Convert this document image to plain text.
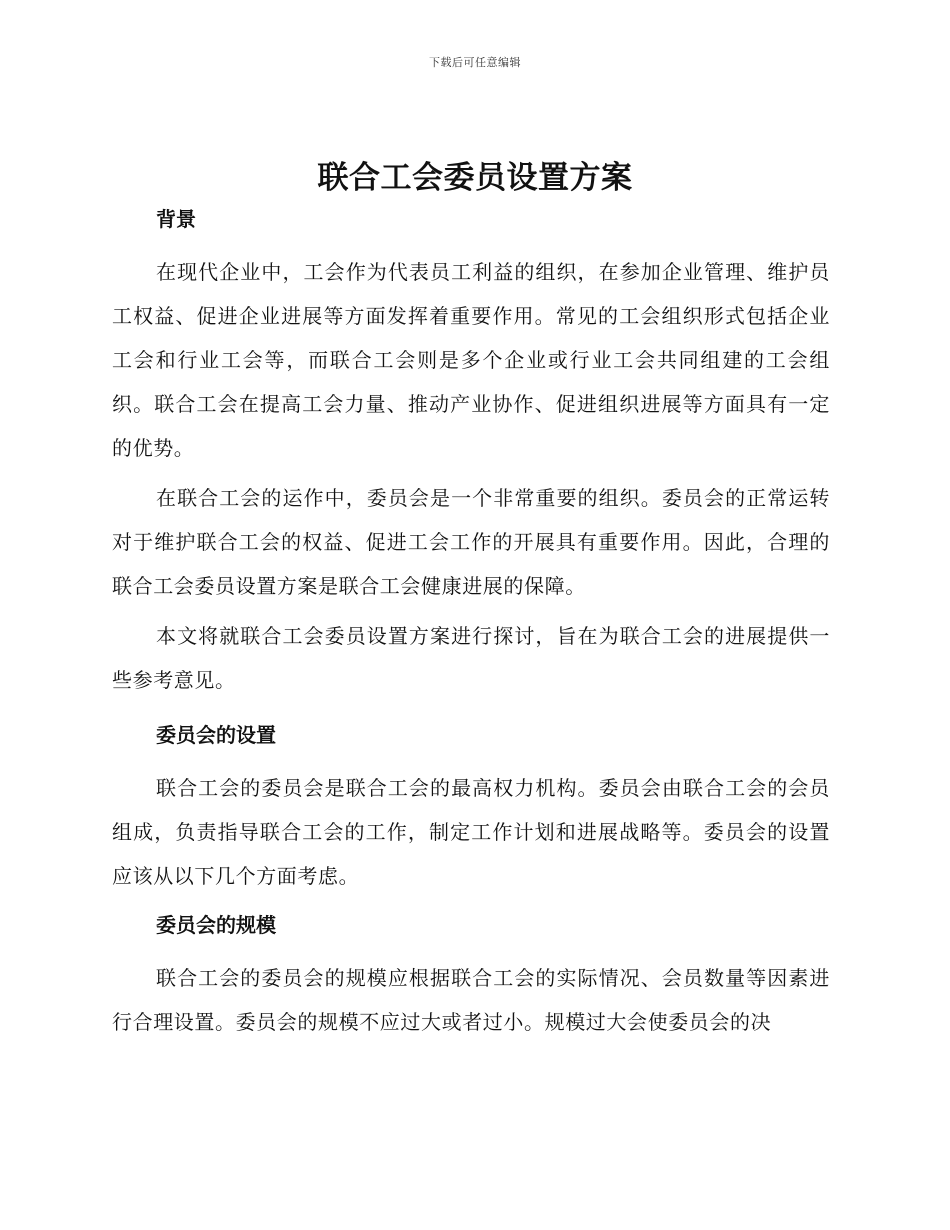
下载后可任意编辑
联合工会委员设置方案
背景

在现代企业中，工会作为代表员工利益的组织，在参加企业管理、维护员工权益、促进企业进展等方面发挥着重要作用。常见的工会组织形式包括企业工会和行业工会等，而联合工会则是多个企业或行业工会共同组建的工会组织。联合工会在提高工会力量、推动产业协作、促进组织进展等方面具有一定的优势。

在联合工会的运作中，委员会是一个非常重要的组织。委员会的正常运转对于维护联合工会的权益、促进工会工作的开展具有重要作用。因此，合理的联合工会委员设置方案是联合工会健康进展的保障。

本文将就联合工会委员设置方案进行探讨，旨在为联合工会的进展提供一些参考意见。

委员会的设置

联合工会的委员会是联合工会的最高权力机构。委员会由联合工会的会员组成，负责指导联合工会的工作，制定工作计划和进展战略等。委员会的设置应该从以下几个方面考虑。

委员会的规模

联合工会的委员会的规模应根据联合工会的实际情况、会员数量等因素进行合理设置。委员会的规模不应过大或者过小。规模过大会使委员会的决
